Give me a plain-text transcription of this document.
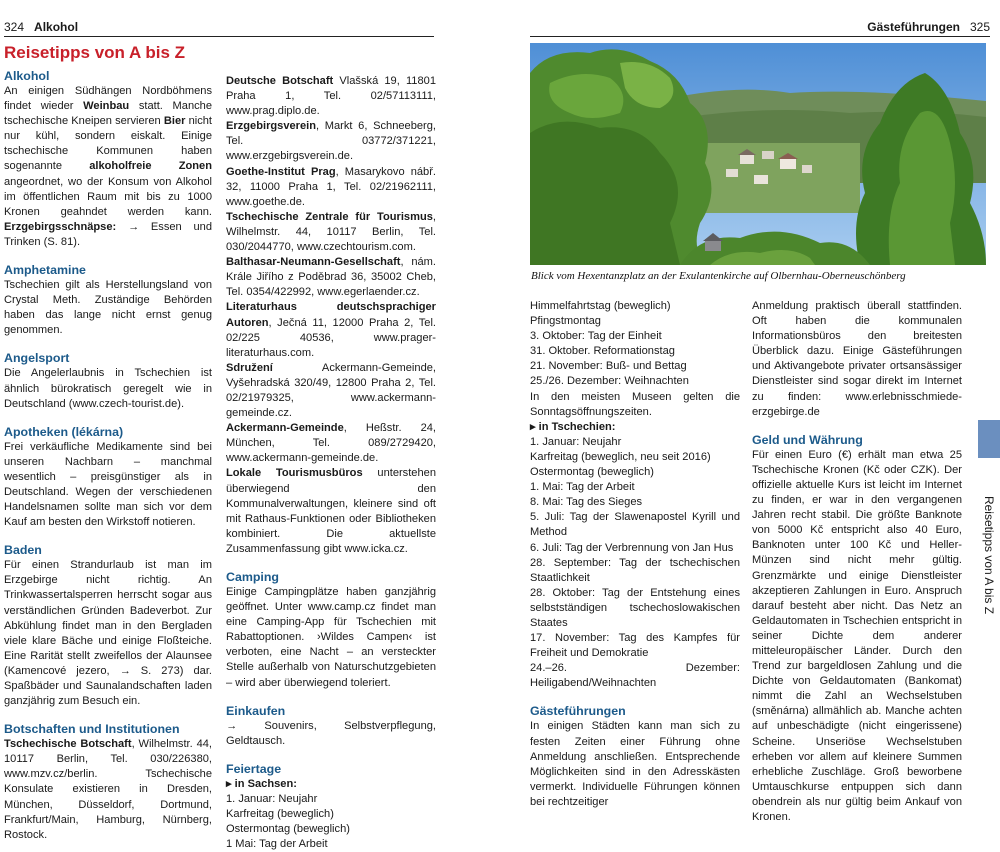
324 Alkohol
Reisetipps von A bis Z
Alkohol

An einigen Südhängen Nordböhmens findet wieder Weinbau statt. Manche tschechische Kneipen servieren Bier nicht nur kühl, sondern eiskalt. Einige tschechische Kommunen haben sogenannte alkoholfreie Zonen angeordnet, wo der Konsum von Alkohol im öffentlichen Raum mit bis zu 1000 Kronen geahndet werden kann. Erzgebirgsschnäpse: → Essen und Trinken (S. 81).

Amphetamine

Tschechien gilt als Herstellungsland von Crystal Meth. Zuständige Behörden haben das lange nicht ernst genug genommen.

Angelsport

Die Angelerlaubnis in Tschechien ist ähnlich bürokratisch geregelt wie in Deutschland (www.czech-tourist.de).

Apotheken (lékárna)

Frei verkäufliche Medikamente sind bei unseren Nachbarn – manchmal wesentlich – preisgünstiger als in Deutschland. Wegen der verschiedenen Handelsnamen sollte man sich vor dem Kauf am besten den Wirkstoff notieren.

Baden

Für einen Strandurlaub ist man im Erzgebirge nicht richtig. An Trinkwassertalsperren herrscht sogar aus verständlichen Gründen Badeverbot. Zur Abkühlung findet man in den Bergladen viele klare Bäche und einige Floßteiche. Eine Rarität stellt zweifellos der Alaunsee (Kamencové jezero, → S. 273) dar. Spaßbäder und Saunalandschaften laden ganzjährig zum Besuch ein.

Botschaften und Institutionen

Tschechische Botschaft, Wilhelmstr. 44, 10117 Berlin, Tel. 030/226380, www.mzv.cz/berlin. Tschechische Konsulate existieren in Dresden, München, Düsseldorf, Dortmund, Frankfurt/Main, Hamburg, Nürnberg, Rostock.

Deutsche Botschaft Vlašská 19, 11801 Praha 1, Tel. 02/57113111, www.prag.diplo.de.

Erzgebirgsverein, Markt 6, Schneeberg, Tel. 03772/371221, www.erzgebirgsverein.de.

Goethe-Institut Prag, Masarykovo nábř. 32, 11000 Praha 1, Tel. 02/21962111, www.goethe.de.

Tschechische Zentrale für Tourismus, Wilhelmstr. 44, 10117 Berlin, Tel. 030/2044770, www.czechtourism.com.

Balthasar-Neumann-Gesellschaft, nám. Krále Jiřího z Poděbrad 36, 35002 Cheb, Tel. 0354/422992, www.egerlaender.cz.

Literaturhaus deutschsprachiger Autoren, Ječná 11, 12000 Praha 2, Tel. 02/225 40536, www.prager-literaturhaus.com.

Sdružení Ackermann-Gemeinde, Vyšehradská 320/49, 12800 Praha 2, Tel. 02/21979325, www.ackermann-gemeinde.cz.

Ackermann-Gemeinde, Heßstr. 24, München, Tel. 089/2729420, www.ackermann-gemeinde.de.

Lokale Tourismusbüros unterstehen überwiegend den Kommunalverwaltungen, kleinere sind oft mit Rathaus-Funktionen oder Bibliotheken kombiniert. Die aktuellste Zusammenfassung gibt www.icka.cz.

Camping

Einige Campingplätze haben ganzjährig geöffnet. Unter www.camp.cz findet man eine Camping-App für Tschechien mit Rabattoptionen. ›Wildes Campen‹ ist verboten, eine Nacht – an versteckter Stelle außerhalb von Naturschutzgebieten – wird aber überwiegend toleriert.

Einkaufen

→ Souvenirs, Selbstverpflegung, Geldtausch.

Feiertage

▸ in Sachsen:

1. Januar: Neujahr

Karfreitag (beweglich)

Ostermontag (beweglich)

1 Mai: Tag der Arbeit

Gästeführungen 325
Blick vom Hexentanzplatz an der Exulantenkirche auf Olbernhau-Oberneuschönberg

Himmelfahrtstag (beweglich)

Pfingstmontag

3. Oktober: Tag der Einheit

31. Oktober. Reformationstag

21. November: Buß- und Bettag

25./26. Dezember: Weihnachten

In den meisten Museen gelten die Sonntagsöffnungszeiten.

▸ in Tschechien:

1. Januar: Neujahr

Karfreitag (beweglich, neu seit 2016)

Ostermontag (beweglich)

1. Mai: Tag der Arbeit

8. Mai: Tag des Sieges

5. Juli: Tag der Slawenapostel Kyrill und Method

6. Juli: Tag der Verbrennung von Jan Hus

28. September: Tag der tschechischen Staatlichkeit

28. Oktober: Tag der Entstehung eines selbstständigen tschechoslowakischen Staates

17. November: Tag des Kampfes für Freiheit und Demokratie

24.–26. Dezember: Heiligabend/Weihnachten

Gästeführungen

In einigen Städten kann man sich zu festen Zeiten einer Führung ohne Anmeldung anschließen. Entsprechende Möglichkeiten sind in den Adresskästen vermerkt. Individuelle Führungen können bei rechtzeitiger

Anmeldung praktisch überall stattfinden. Oft haben die kommunalen Informationsbüros den breitesten Überblick dazu. Einige Gästeführungen und Aktivangebote privater ortsansässiger Dienstleister sind sogar direkt im Internet zu finden: www.erlebnisschmiede-erzgebirge.de

Geld und Währung

Für einen Euro (€) erhält man etwa 25 Tschechische Kronen (Kč oder CZK). Der offizielle aktuelle Kurs ist leicht im Internet zu finden, er war in den vergangenen Jahren recht stabil. Die größte Banknote von 5000 Kč entspricht also 40 Euro, Banknoten unter 100 Kč und Heller-Münzen sind nicht mehr gültig. Grenzmärkte und einige Dienstleister akzeptieren Zahlungen in Euro. Anspruch darauf besteht aber nicht. Das Netz an Geldautomaten in Tschechien entspricht in seiner Dichte dem anderer mitteleuropäischer Länder. Durch den Trend zur bargeldlosen Zahlung und die Dichte von Geldautomaten (Bankomat) nimmt die Zahl an Wechselstuben (směnárna) allmählich ab. Manche achten auf unbeschädigte (nicht eingerissene) Scheine. Unseriöse Wechselstuben erheben vor allem auf kleinere Summen erhebliche Zuschläge. Groß beworbene Umtauschkurse entpuppen sich dann obendrein als nur gültig beim Ankauf von Kronen.

Reisetipps von A bis Z
